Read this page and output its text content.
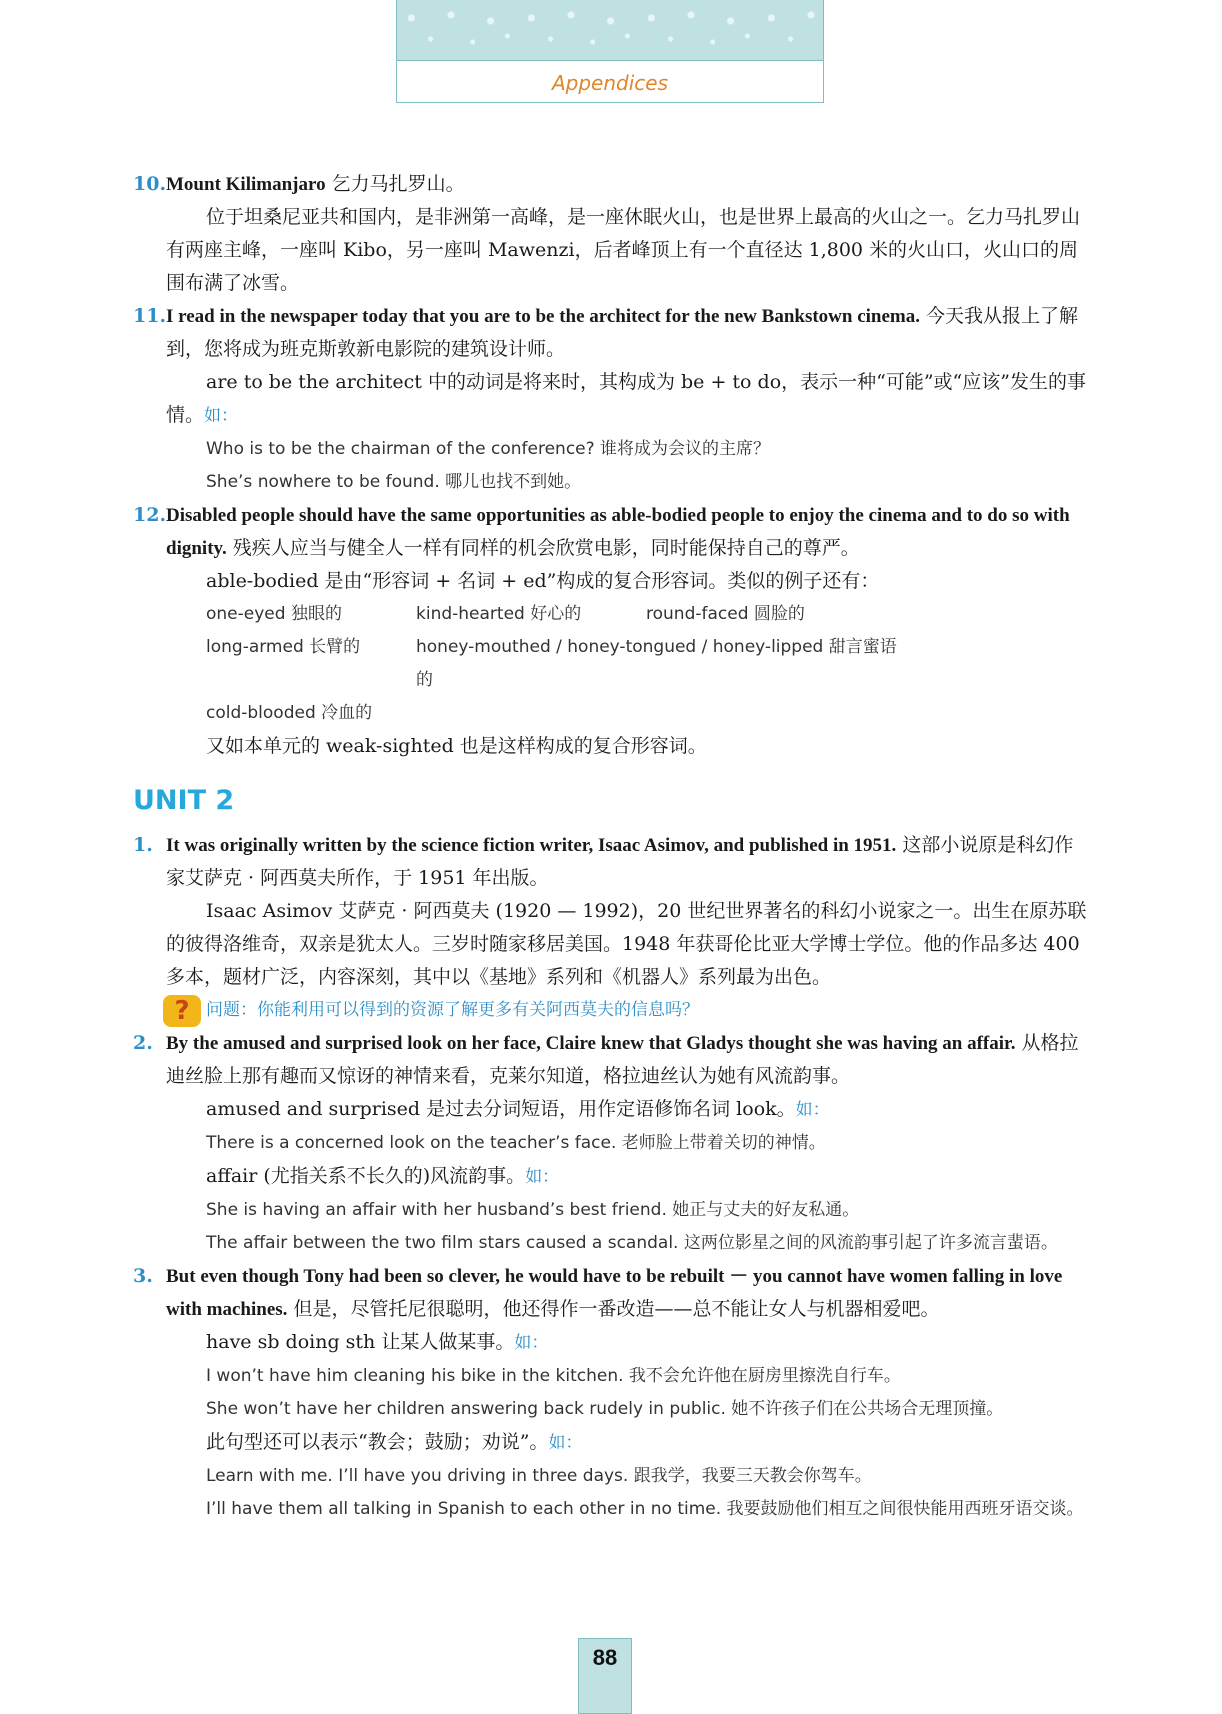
Appendices
10. Mount Kilimanjaro 乞力马扎罗山。

位于坦桑尼亚共和国内，是非洲第一高峰，是一座休眠火山，也是世界上最高的火山之一。乞力马扎罗山有两座主峰，一座叫 Kibo，另一座叫 Mawenzi，后者峰顶上有一个直径达 1,800 米的火山口，火山口的周围布满了冰雪。

11. I read in the newspaper today that you are to be the architect for the new Bankstown cinema. 今天我从报上了解到，您将成为班克斯敦新电影院的建筑设计师。

are to be the architect 中的动词是将来时，其构成为 be + to do，表示一种“可能”或“应该”发生的事情。如：

Who is to be the chairman of the conference? 谁将成为会议的主席？

She’s nowhere to be found. 哪儿也找不到她。

12. Disabled people should have the same opportunities as able-bodied people to enjoy the cinema and to do so with dignity. 残疾人应当与健全人一样有同样的机会欣赏电影，同时能保持自己的尊严。

able-bodied 是由“形容词 + 名词 + ed”构成的复合形容词。类似的例子还有：

one-eyed 独眼的	kind-hearted 好心的	round-faced 圆脸的
long-armed 长臂的	honey-mouthed / honey-tongued / honey-lipped 甜言蜜语的
cold-blooded 冷血的

又如本单元的 weak-sighted 也是这样构成的复合形容词。

UNIT 2
1. It was originally written by the science fiction writer, Isaac Asimov, and published in 1951. 这部小说原是科幻作家艾萨克 · 阿西莫夫所作，于 1951 年出版。

Isaac Asimov 艾萨克 · 阿西莫夫 (1920 — 1992)，20 世纪世界著名的科幻小说家之一。出生在原苏联的彼得洛维奇，双亲是犹太人。三岁时随家移居美国。1948 年获哥伦比亚大学博士学位。他的作品多达 400 多本，题材广泛，内容深刻，其中以《基地》系列和《机器人》系列最为出色。

? 问题：你能利用可以得到的资源了解更多有关阿西莫夫的信息吗？
2. By the amused and surprised look on her face, Claire knew that Gladys thought she was having an affair. 从格拉迪丝脸上那有趣而又惊讶的神情来看，克莱尔知道，格拉迪丝认为她有风流韵事。

amused and surprised 是过去分词短语，用作定语修饰名词 look。如：

There is a concerned look on the teacher’s face. 老师脸上带着关切的神情。

affair (尤指关系不长久的)风流韵事。如：

She is having an affair with her husband’s best friend. 她正与丈夫的好友私通。

The affair between the two film stars caused a scandal. 这两位影星之间的风流韵事引起了许多流言蜚语。

3. But even though Tony had been so clever, he would have to be rebuilt － you cannot have women falling in love with machines. 但是，尽管托尼很聪明，他还得作一番改造——总不能让女人与机器相爱吧。

have sb doing sth 让某人做某事。如：

I won’t have him cleaning his bike in the kitchen. 我不会允许他在厨房里擦洗自行车。

She won’t have her children answering back rudely in public. 她不许孩子们在公共场合无理顶撞。

此句型还可以表示“教会；鼓励；劝说”。如：

Learn with me. I’ll have you driving in three days. 跟我学，我要三天教会你驾车。

I’ll have them all talking in Spanish to each other in no time. 我要鼓励他们相互之间很快能用西班牙语交谈。

88
